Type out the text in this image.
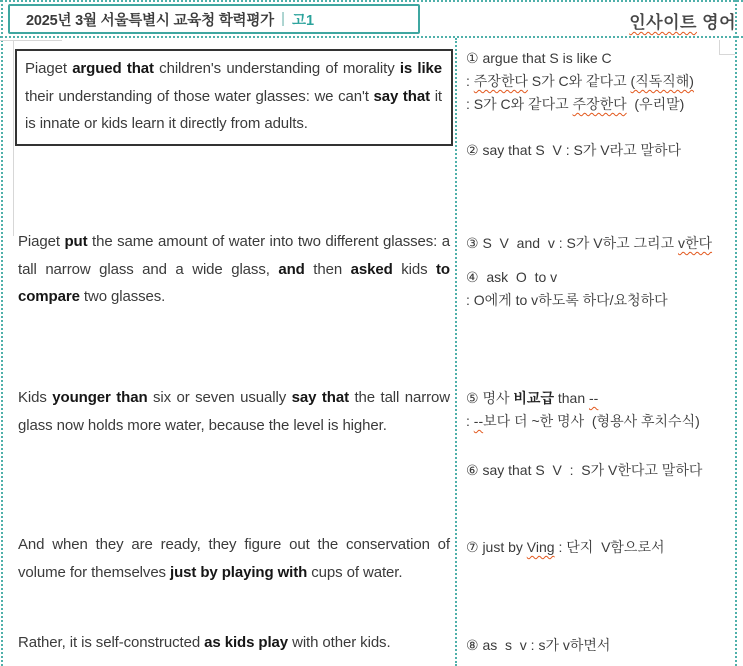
2025년 3월 서울특별시 교육청 학력평가 | 고1	인사이트 영어
Piaget argued that children's understanding of morality is like their understanding of those water glasses: we can't say that it is innate or kids learn it directly from adults.
Piaget put the same amount of water into two different glasses: a tall narrow glass and a wide glass, and then asked kids to compare two glasses.
Kids younger than six or seven usually say that the tall narrow glass now holds more water, because the level is higher.
And when they are ready, they figure out the conservation of volume for themselves just by playing with cups of water.
Rather, it is self-constructed as kids play with other kids.
① argue that S is like C
: 주장한다 S가 C와 같다고 (직독직해)
: S가 C와 같다고 주장한다  (우리말)
② say that S  V : S가 V라고 말하다
③ S  V  and  v : S가 V하고 그리고 v한다
④  ask  O  to v
: O에게 to v하도록 하다/요청하다
⑤ 명사 비교급 than --
: --보다 더 ~한 명사  (형용사 후치수식)
⑥ say that S  V  :  S가 V한다고 말하다
⑦ just by Ving : 단지  V함으로서
⑧ as  s  v : s가 v하면서
